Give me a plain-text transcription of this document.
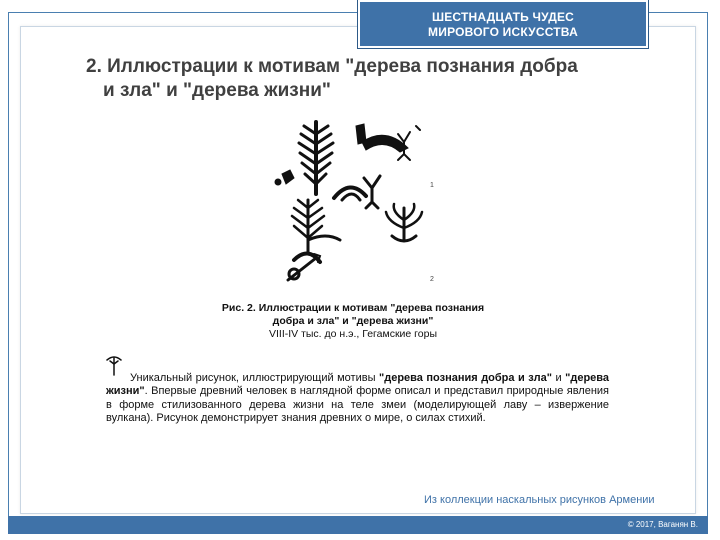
ШЕСТНАДЦАТЬ ЧУДЕС
МИРОВОГО ИСКУССТВА
2. Иллюстрации к мотивам "дерева познания добра
и зла" и "дерева жизни"
1
2
Рис. 2. Иллюстрации к мотивам "дерева познания добра и зла" и "дерева жизни"
VIII-IV тыс. до н.э., Гегамские горы
Уникальный рисунок, иллюстрирующий мотивы "дерева познания добра и зла" и "дерева жизни". Впервые древний человек в наглядной форме описал и представил природные явления в форме стилизованного дерева жизни на теле змеи (моделирующей лаву – извержение вулкана). Рисунок демонстрирует знания древних о мире, о силах стихий.
Из коллекции наскальных рисунков Армении
© 2017, Ваганян В.
